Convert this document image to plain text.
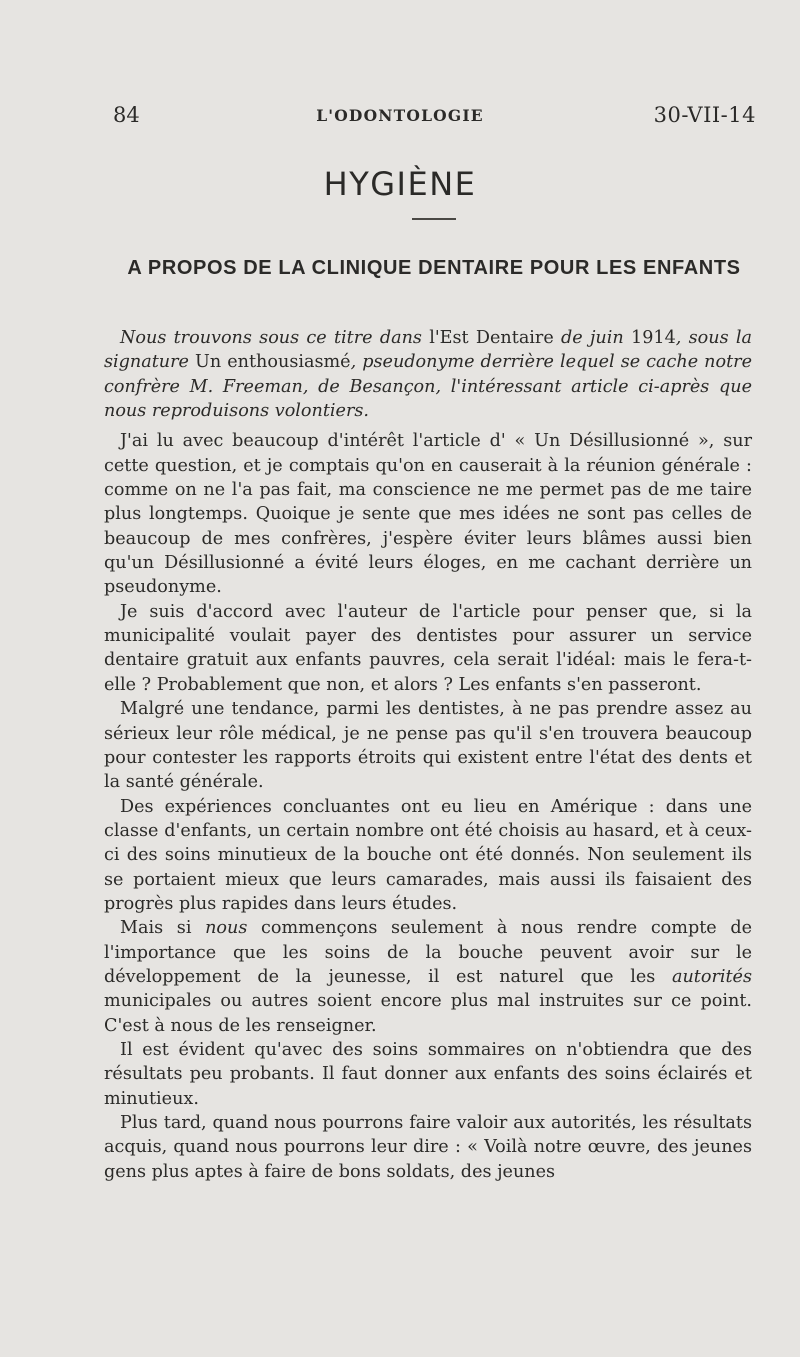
84	L'ODONTOLOGIE	30-VII-14
HYGIÈNE
A PROPOS DE LA CLINIQUE DENTAIRE POUR LES ENFANTS

Nous trouvons sous ce titre dans l'Est Dentaire de juin 1914, sous la signature Un enthousiasmé, pseudonyme derrière lequel se cache notre confrère M. Freeman, de Besançon, l'intéressant article ci-après que nous reproduisons volontiers.

J'ai lu avec beaucoup d'intérêt l'article d' « Un Désillusionné », sur cette question, et je comptais qu'on en causerait à la réunion générale : comme on ne l'a pas fait, ma conscience ne me permet pas de me taire plus longtemps. Quoique je sente que mes idées ne sont pas celles de beaucoup de mes confrères, j'espère éviter leurs blâmes aussi bien qu'un Désillusionné a évité leurs éloges, en me cachant derrière un pseudonyme.

Je suis d'accord avec l'auteur de l'article pour penser que, si la municipalité voulait payer des dentistes pour assurer un service dentaire gratuit aux enfants pauvres, cela serait l'idéal: mais le fera-t-elle ? Probablement que non, et alors ? Les enfants s'en passeront.

Malgré une tendance, parmi les dentistes, à ne pas prendre assez au sérieux leur rôle médical, je ne pense pas qu'il s'en trouvera beaucoup pour contester les rapports étroits qui existent entre l'état des dents et la santé générale.

Des expériences concluantes ont eu lieu en Amérique : dans une classe d'enfants, un certain nombre ont été choisis au hasard, et à ceux-ci des soins minutieux de la bouche ont été donnés. Non seulement ils se portaient mieux que leurs camarades, mais aussi ils faisaient des progrès plus rapides dans leurs études.

Mais si nous commençons seulement à nous rendre compte de l'importance que les soins de la bouche peuvent avoir sur le développement de la jeunesse, il est naturel que les autorités municipales ou autres soient encore plus mal instruites sur ce point. C'est à nous de les renseigner.

Il est évident qu'avec des soins sommaires on n'obtiendra que des résultats peu probants. Il faut donner aux enfants des soins éclairés et minutieux.

Plus tard, quand nous pourrons faire valoir aux autorités, les résultats acquis, quand nous pourrons leur dire : « Voilà notre œuvre, des jeunes gens plus aptes à faire de bons soldats, des jeunes
